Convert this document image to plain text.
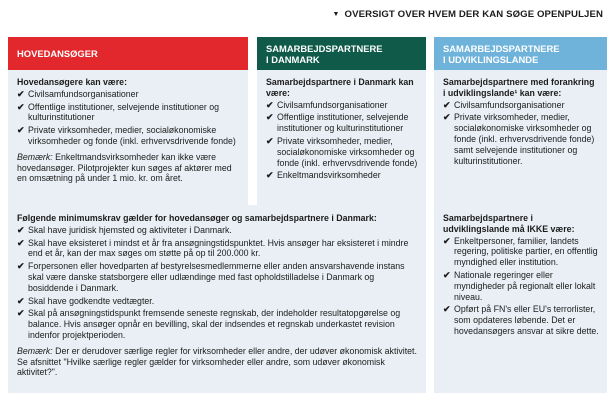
▼ OVERSIGT OVER HVEM DER KAN SØGE OPENPULJEN
HOVEDANSØGER
Hovedansøgere kan være:
✔ Civilsamfundsorganisationer
✔ Offentlige institutioner, selvejende institutioner og kulturinstitutioner
✔ Private virksomheder, medier, socialøkonomiske virksomheder og fonde (inkl. erhvervsdrivende fonde)

Bemærk: Enkeltmandsvirksomheder kan ikke være hovedansøger. Pilotprojekter kun søges af aktører med en omsætning på under 1 mio. kr. om året.

SAMARBEJDSPARTNERE
I DANMARK
Samarbejdspartnere i Danmark kan være:
✔ Civilsamfundsorganisationer
✔ Offentlige institutioner, selvejende institutioner og kulturinstitutioner
✔ Private virksomheder, medier, socialøkonomiske virksomheder og fonde (inkl. erhvervsdrivende fonde)
✔ Enkeltmandsvirksomheder
SAMARBEJDSPARTNERE
I UDVIKLINGSLANDE
Samarbejdspartnere med forankring i udviklingslande¹ kan være:
✔ Civilsamfundsorganisationer
✔ Private virksomheder, medier, socialøkonomiske virksomheder og fonde (inkl. erhvervsdrivende fonde) samt selvejende institutioner og kulturinstitutioner.
Følgende minimumskrav gælder for hovedansøger og samarbejdspartnere i Danmark:
✔ Skal have juridisk hjemsted og aktiviteter i Danmark.
✔ Skal have eksisteret i mindst et år fra ansøgningstidspunktet. Hvis ansøger har eksisteret i mindre end et år, kan der max søges om støtte på op til 200.000 kr.
✔ Forpersonen eller hovedparten af bestyrelsesmedlemmerne eller anden ansvarshavende instans skal være danske statsborgere eller udlændinge med fast opholdstilladelse i Danmark og bosiddende i Danmark.
✔ Skal have godkendte vedtægter.
✔ Skal på ansøgningstidspunkt fremsende seneste regnskab, der indeholder resultatopgørelse og balance. Hvis ansøger opnår en bevilling, skal der indsendes et regnskab underkastet revision indenfor projektperioden.

Bemærk: Der er derudover særlige regler for virksomheder eller andre, der udøver økonomisk aktivitet. Se afsnittet "Hvilke særlige regler gælder for virksomheder eller andre, som udøver økonomisk aktivitet?".

Samarbejdspartnere i udviklingslande må IKKE være:
✔ Enkeltpersoner, familier, landets regering, politiske partier, en offentlig myndighed eller institution.
✔ Nationale regeringer eller myndigheder på regionalt eller lokalt niveau.
✔ Opført på FN's eller EU's terrorlister, som opdateres løbende. Det er hovedansøgers ansvar at sikre dette.
